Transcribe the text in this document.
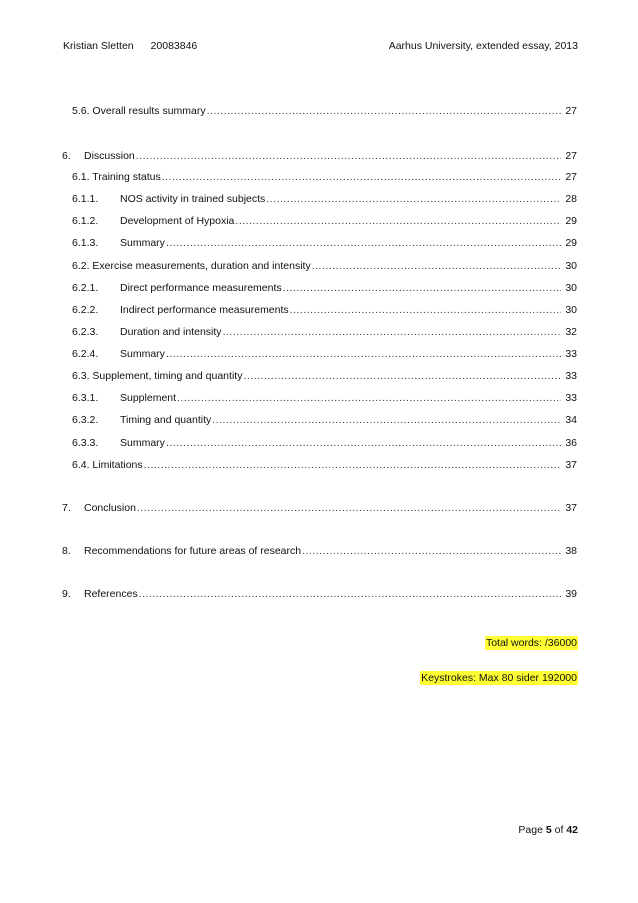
Kristian Sletten 20083846	Aarhus University, extended essay, 2013
5.6. Overall results summary .....	27
6.	Discussion .....	27
6.1. Training status .....	27
6.1.1.	NOS activity in trained subjects .....	28
6.1.2.	Development of Hypoxia .....	29
6.1.3.	Summary .....	29
6.2. Exercise measurements, duration and intensity .....	30
6.2.1.	Direct performance measurements .....	30
6.2.2.	Indirect performance measurements .....	30
6.2.3.	Duration and intensity .....	32
6.2.4.	Summary .....	33
6.3. Supplement, timing and quantity .....	33
6.3.1.	Supplement .....	33
6.3.2.	Timing and quantity .....	34
6.3.3.	Summary .....	36
6.4. Limitations .....	37
7.	Conclusion .....	37
8.	Recommendations for future areas of research .....	38
9.	References .....	39
Total words: /36000
Keystrokes: Max 80 sider 192000
Page 5 of 42
